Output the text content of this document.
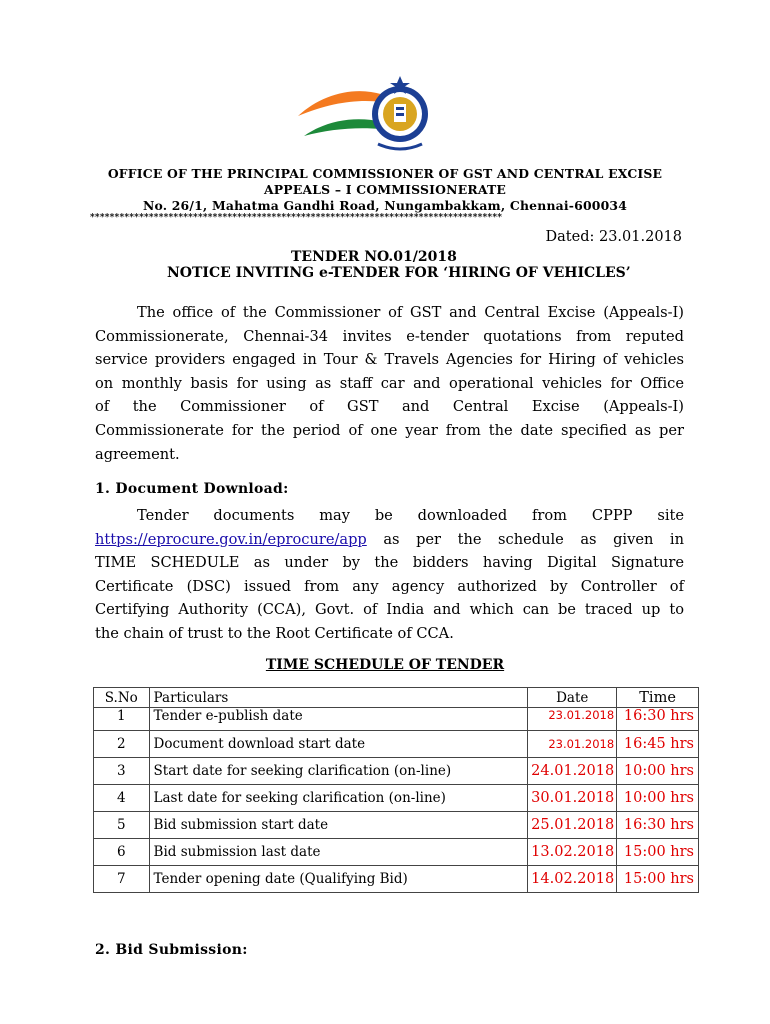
OFFICE OF THE PRINCIPAL COMMISSIONER OF GST AND CENTRAL EXCISE
APPEALS – I COMMISSIONERATE
No. 26/1, Mahatma Gandhi Road, Nungambakkam, Chennai-600034
************************************************************************************
Dated: 23.01.2018
TENDER NO.01/2018
NOTICE INVITING e-TENDER FOR ‘HIRING OF VEHICLES’
The office of the Commissioner of GST and Central Excise (Appeals-I)
Commissionerate, Chennai-34 invites e-tender quotations from reputed
service providers engaged in Tour & Travels Agencies for Hiring of vehicles
on monthly basis for using as staff car and operational vehicles for Office
of the Commissioner of GST and Central Excise (Appeals-I)
Commissionerate for the period of one year from the date specified as per
agreement.
1. Document Download:
Tender documents may be downloaded from CPPP site
https://eprocure.gov.in/eprocure/app as per the schedule as given in
TIME SCHEDULE as under by the bidders having Digital Signature
Certificate (DSC) issued from any agency authorized by Controller of
Certifying Authority (CCA), Govt. of India and which can be traced up to
the chain of trust to the Root Certificate of CCA.
TIME SCHEDULE OF TENDER
S.No	Particulars	Date	Time
1	Tender e-publish date	23.01.2018	16:30 hrs
2	Document download start date	23.01.2018	16:45 hrs
3	Start date for seeking clarification (on-line)	24.01.2018	10:00 hrs
4	Last date for seeking clarification (on-line)	30.01.2018	10:00 hrs
5	Bid submission start date	25.01.2018	16:30 hrs
6	Bid submission last date	13.02.2018	15:00 hrs
7	Tender opening date (Qualifying Bid)	14.02.2018	15:00 hrs
2. Bid Submission:
